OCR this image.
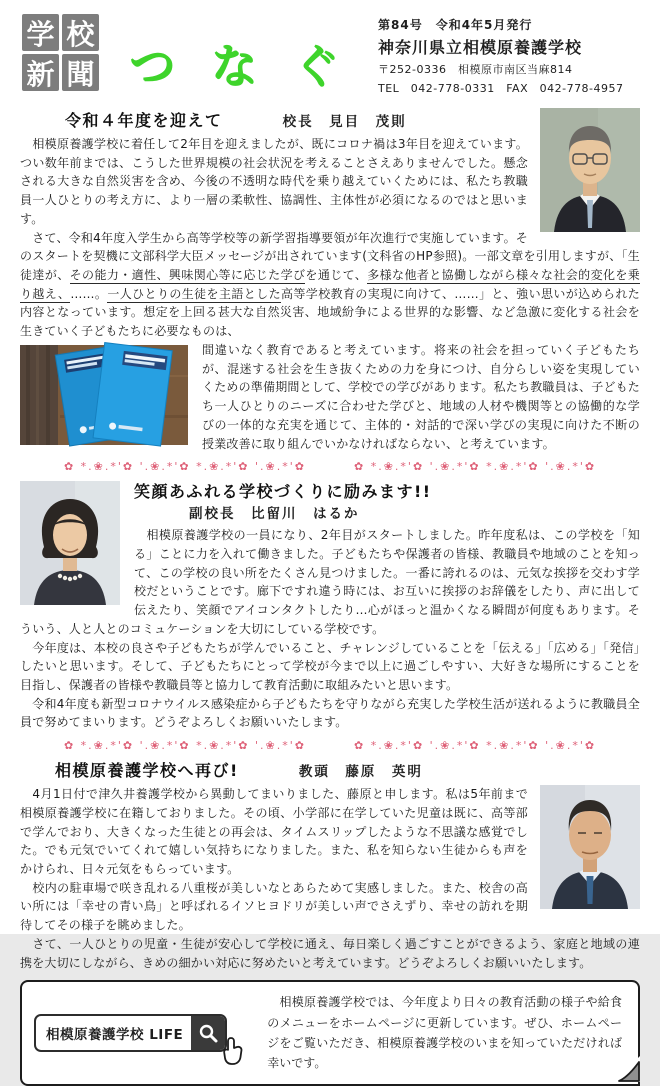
学 校
新 聞 つなぐ
第84号　令和4年5月発行
神奈川県立相模原養護学校
〒252-0336　相模原市南区当麻814
TEL　042-778-0331　FAX　042-778-4957
令和４年度を迎えて	校長　見目　茂則

　相模原養護学校に着任して2年目を迎えましたが、既にコロナ禍は3年目を迎えています。つい数年前までは、こうした世界規模の社会状況を考えることさえありませんでした。懸念される大きな自然災害を含め、今後の不透明な時代を乗り越えていくためには、私たち教職員一人ひとりの考え方に、より一層の柔軟性、協調性、主体性が必須になるのではと思います。

　さて、令和4年度入学生から高等学校等の新学習指導要領が年次進行で実施しています。そのスタートを契機に文部科学大臣メッセージが出されています(文科省のHP参照)。一部文章を引用しますが、「生徒達が、その能力・適性、興味関心等に応じた学びを通じて、多様な他者と協働しながら様々な社会的変化を乗り越え、……。一人ひとりの生徒を主語とした高等学校教育の実現に向けて、……」と、強い思いが込められた内容となっています。想定を上回る甚大な自然災害、地域紛争による世界的な影響、など急激に変化する社会を生きていく子どもたちに必要なものは、

間違いなく教育であると考えています。将来の社会を担っていく子どもたちが、混迷する社会を生き抜くための力を身につけ、自分らしい姿を実現していくための準備期間として、学校での学びがあります。私たち教職員は、子どもたち一人ひとりのニーズに合わせた学びと、地域の人材や機関等との協働的な学びの一体的な充実を通じて、主体的・対話的で深い学びの実現に向けた不断の授業改善に取り組んでいかなければならない、と考えています。

✿ *.❀.*'✿ '.❀.*'✿ *.❀.*'✿ '.❀.*'✿	✿ *.❀.*'✿ '.❀.*'✿ *.❀.*'✿ '.❀.*'✿
笑顔あふれる学校づくりに励みます!! 副校長　比留川　はるか

　相模原養護学校の一員になり、2年目がスタートしました。昨年度私は、この学校を「知る」ことに力を入れて働きました。子どもたちや保護者の皆様、教職員や地域のことを知って、この学校の良い所をたくさん見つけました。一番に誇れるのは、元気な挨拶を交わす学校だということです。廊下ですれ違う時には、お互いに挨拶のお辞儀をしたり、声に出して伝えたり、笑顔でアイコンタクトしたり…心がほっと温かくなる瞬間が何度もあります。そういう、人と人とのコミュケーションを大切にしている学校です。

　今年度は、本校の良さや子どもたちが学んでいること、チャレンジしていることを「伝える」「広める」「発信」したいと思います。そして、子どもたちにとって学校が今まで以上に過ごしやすい、大好きな場所にすることを目指し、保護者の皆様や教職員等と協力して教育活動に取組みたいと思います。

　令和4年度も新型コロナウイルス感染症から子どもたちを守りながら充実した学校生活が送れるように教職員全員で努めてまいります。どうぞよろしくお願いいたします。

✿ *.❀.*'✿ '.❀.*'✿ *.❀.*'✿ '.❀.*'✿	✿ *.❀.*'✿ '.❀.*'✿ *.❀.*'✿ '.❀.*'✿
相模原養護学校へ再び!	教頭　藤原　英明

　4月1日付で津久井養護学校から異動してまいりました、藤原と申します。私は5年前まで相模原養護学校に在籍しておりました。その頃、小学部に在学していた児童は既に、高等部で学んでおり、大きくなった生徒との再会は、タイムスリップしたような不思議な感覚でした。でも元気でいてくれて嬉しい気持ちになりました。また、私を知らない生徒からも声をかけられ、日々元気をもらっています。

　校内の駐車場で咲き乱れる八重桜が美しいなとあらためて実感しました。また、校舎の高い所には「幸せの青い鳥」と呼ばれるイソヒヨドリが美しい声でさえずり、幸せの訪れを期待してその様子を眺めました。

　さて、一人ひとりの児童・生徒が安心して学校に通え、毎日楽しく過ごすことができるよう、家庭と地域の連携を大切にしながら、きめの細かい対応に努めたいと考えています。どうぞよろしくお願いいたします。

相模原養護学校 LIFE
　相模原養護学校では、今年度より日々の教育活動の様子や給食のメニューをホームページに更新しています。ぜひ、ホームページをご覧いただき、相模原養護学校のいまを知っていただければ幸いです。
